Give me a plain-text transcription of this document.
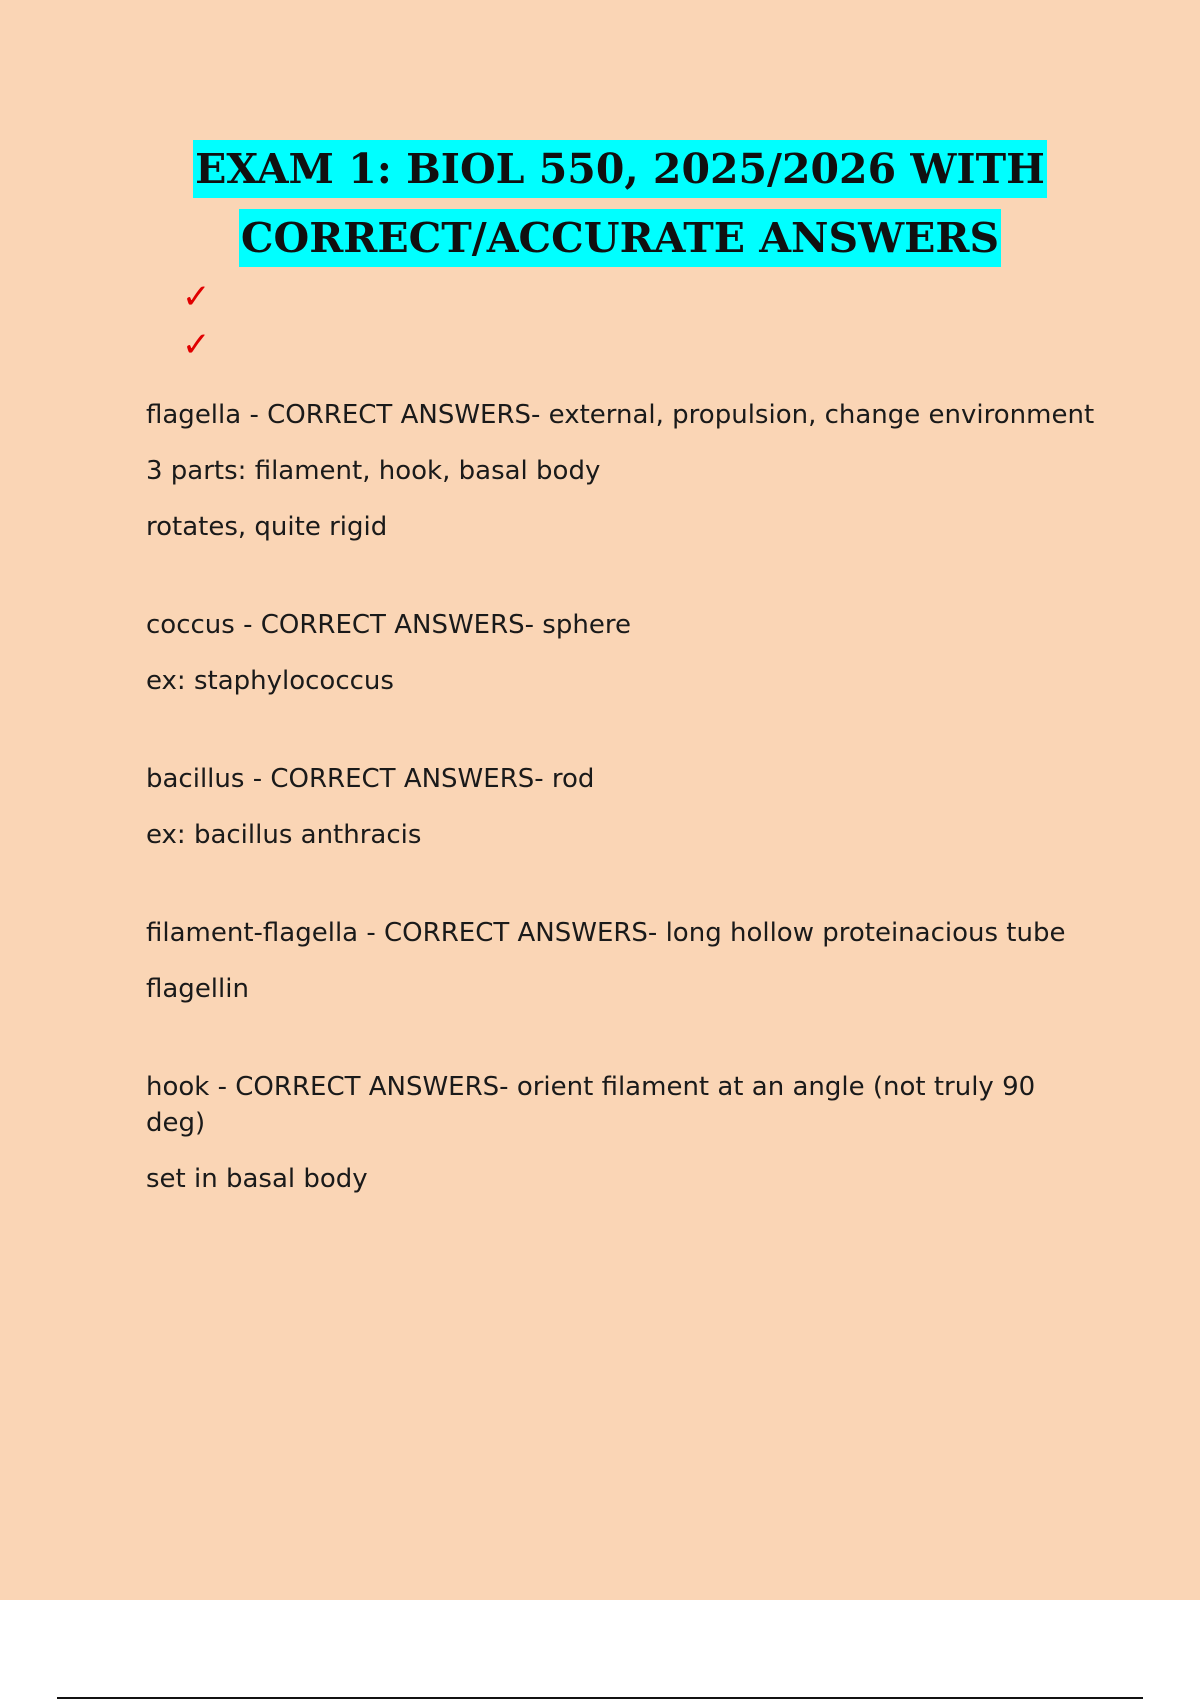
EXAM 1: BIOL 550, 2025/2026 WITH
CORRECT/ACCURATE ANSWERS
✓
✓

flagella - CORRECT ANSWERS- external, propulsion, change environment

3 parts: filament, hook, basal body

rotates, quite rigid

coccus - CORRECT ANSWERS- sphere

ex: staphylococcus

bacillus - CORRECT ANSWERS- rod

ex: bacillus anthracis

filament-flagella - CORRECT ANSWERS- long hollow proteinacious tube

flagellin

hook - CORRECT ANSWERS- orient filament at an angle (not truly 90 deg)

set in basal body
